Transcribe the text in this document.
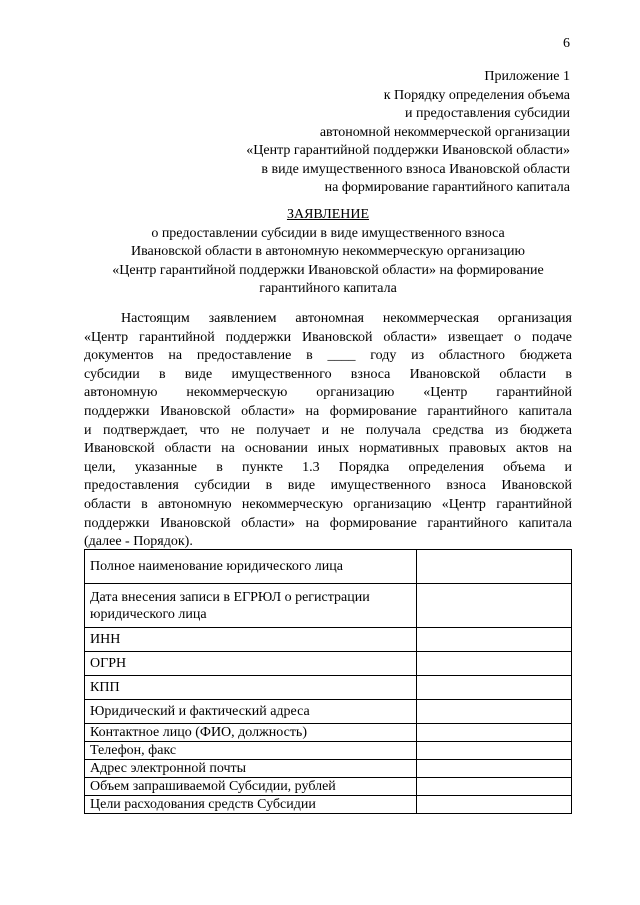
6
Приложение 1
к Порядку определения объема
и предоставления субсидии
автономной некоммерческой организации
«Центр гарантийной поддержки Ивановской области»
в виде имущественного взноса Ивановской области
на формирование гарантийного капитала
ЗАЯВЛЕНИЕ
о предоставлении субсидии в виде имущественного взноса
Ивановской области в автономную некоммерческую организацию
«Центр гарантийной поддержки Ивановской области» на формирование
гарантийного капитала
Настоящим заявлением автономная некоммерческая организация
«Центр гарантийной поддержки Ивановской области» извещает о подаче
документов на предоставление в ____ году из областного бюджета
субсидии в виде имущественного взноса Ивановской области в
автономную некоммерческую организацию «Центр гарантийной
поддержки Ивановской области» на формирование гарантийного капитала
и подтверждает, что не получает и не получала средства из бюджета
Ивановской области на основании иных нормативных правовых актов на
цели, указанные в пункте 1.3 Порядка определения объема и
предоставления субсидии в виде имущественного взноса Ивановской
области в автономную некоммерческую организацию «Центр гарантийной
поддержки Ивановской области» на формирование гарантийного капитала
(далее - Порядок).
Полное наименование юридического лица	

Дата внесения записи в ЕГРЮЛ о регистрации
юридического лица	

ИНН	
ОГРН	
КПП	
Юридический и фактический адреса	
Контактное лицо (ФИО, должность)	
Телефон, факс	
Адрес электронной почты	
Объем запрашиваемой Субсидии, рублей	
Цели расходования средств Субсидии	
